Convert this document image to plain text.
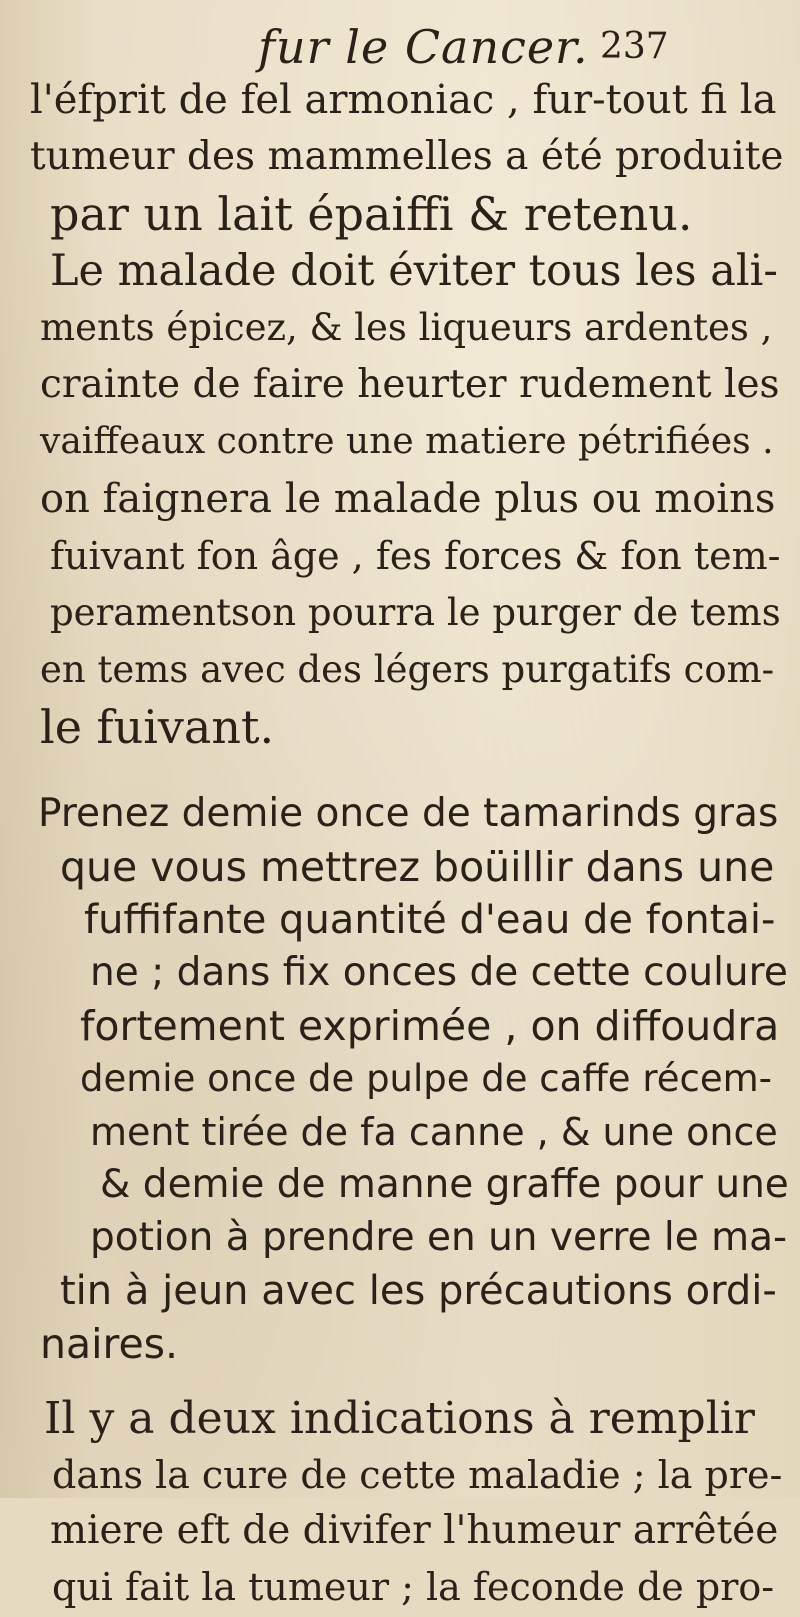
fur le Cancer. 237
l'éfprit de fel armoniac , fur-tout fi la
tumeur des mammelles a été produite
par un lait épaiffi & retenu.
Le malade doit éviter tous les ali-
ments épicez, & les liqueurs ardentes ,
crainte de faire heurter rudement les
vaiffeaux contre une matiere pétrifiées .
on faignera le malade plus ou moins
fuivant fon âge , fes forces & fon tem-
peramentѕon pourra le purger de tems
en tems avec des légers purgatifs com-
le fuivant.
Prenez demie once de tamarinds gras
que vous mettrez boüillir dans une
fuffifante quantité d'eau de fontai-
ne ; dans fix onces de cette coulure
fortement exprimée , on diffoudra
demie once de pulpe de caffe récem-
ment tirée de fa canne , & une once
& demie de manne graffe pour une
potion à prendre en un verre le ma-
tin à jeun avec les précautions ordi-
naires.
Il y a deux indications à remplir
dans la cure de cette maladie ; la pre-
miere eft de divifer l'humeur arrêtée
qui fait la tumeur ; la feconde de pro-
